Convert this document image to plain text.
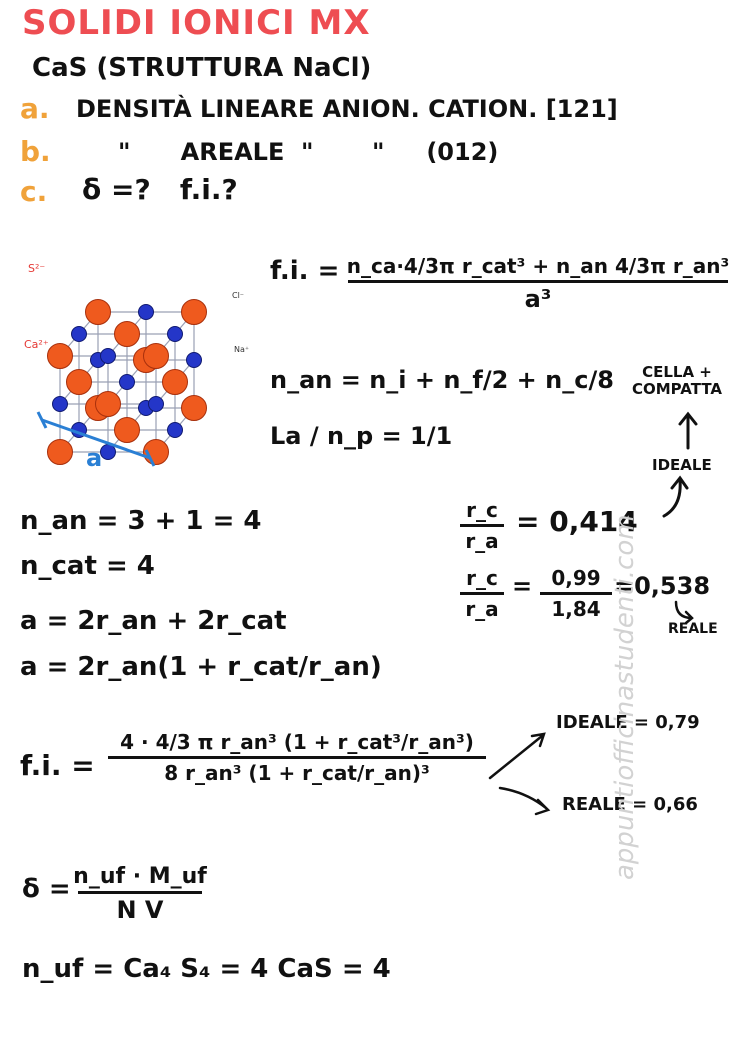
SOLIDI IONICI MX
CaS (STRUTTURA NaCl)
a. DENSITÀ LINEARE ANION. CATION. [121]
b.	"      AREALE  "       "     (012)
c. δ =?   f.i.?
S²⁻
Ca²⁺
Cl⁻
Na⁺
a
f.i. = n_ca·4/3π r_cat³ + n_an 4/3π r_an³
a³
n_an = n_i + n_f/2 + n_c/8
La / n_p = 1/1
CELLA + COMPATTA
IDEALE
n_an = 3 + 1 = 4
n_cat = 4
a = 2r_an + 2r_cat
a = 2r_an(1 + r_cat/r_an)
r_c
r_a
= 0,414
r_c
r_a
= 0,99
1,84
=0,538
REALE
f.i. =
4 · 4/3 π r_an³ (1 + r_cat³/r_an³)
8 r_an³ (1 + r_cat/r_an)³
IDEALE = 0,79
REALE = 0,66
δ = n_uf · M_uf
N V
n_uf = Ca₄ S₄ = 4 CaS = 4
appuntiofficinastudenti.com
